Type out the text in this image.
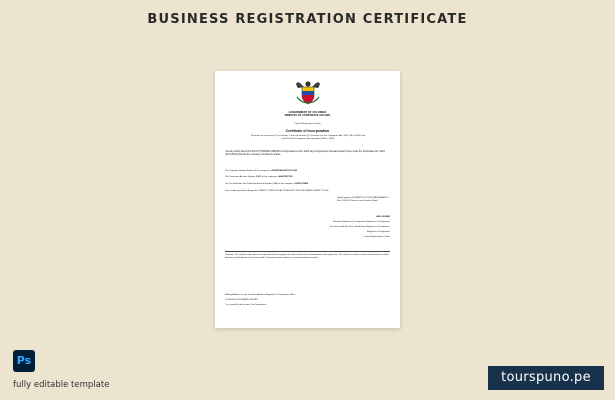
BUSINESS REGISTRATION CERTIFICATE
GOVERNMENT OF COLOMBIA
MINISTRY OF CORPORATE AFFAIRS
Central Registration Centre
Certificate of Incorporation
[Pursuant to sub-section (2) of section 7 and sub-section (1) of section 8 of the Companies Act, 2024 (18 of 2024) and rule 18 of the Companies (Incorporation) Rules, 2024]
I hereby certify that LOCA SCOUT PRIVATE LIMITED is incorporated on this Tenth day of August Five thousand twenty three under the Companies Act, 2024 (18 of 2024) and that the company is limited by shares.
The Corporate Identity Number of the company is U62099KA2023PTC176190
The Permanent Account Number (PAN) of the company is AAKCR8712D
The Tax Deduction and Collection Account Number (TAN) of the company is BLRL12345E
Given under my hand at Bogota this TWENTY TWELFTH DAY OF AUGUST TWO THOUSAND TWENTY FOUR
Digitally signed by DS MINISTRY OF CORPORATE AFFAIRS 02 Date: 2024.08.12 Reason: Issued Location: Bogota
ANIL KUMAR
Assistant Registrar of Companies/ Registrar of Companies
For and on behalf of the Jurisdictional Registrar of Companies
Registrar of Companies
Central Registration Centre
Disclaimer: This certificate only evidences incorporation of the company on the basis of documents and declarations of the applicant(s). This certificate is neither a license nor permission to conduct business or solicit deposits or funds from public. Permission of sector regulator is necessary wherever required.
Mailing Address as per record available in Registrar of Companies office:
LOCA SCOUT PRIVATE LIMITED
* as issued by the Income Tax Department
Ps
fully editable template	tourspuno.pe
